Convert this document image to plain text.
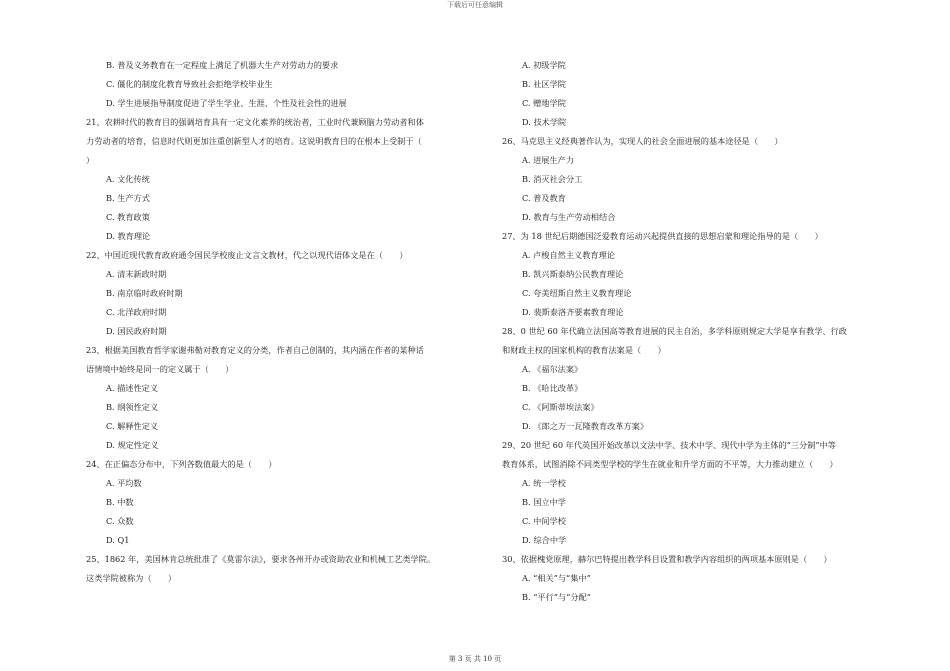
下载后可任意编辑
B. 普及义务教育在一定程度上满足了机器大生产对劳动力的要求
C. 僵化的制度化教育导致社会拒绝学校毕业生
D. 学生进展指导制度促进了学生学业、生涯、个性及社会性的进展
21、农耕时代的教育目的强调培育具有一定文化素养的统治者，工业时代兼顾脑力劳动者和体
力劳动者的培育，信息时代则更加注重创新型人才的培育。这说明教育目的在根本上受制于（
）
A. 文化传统
B. 生产方式
C. 教育政策
D. 教育理论
22、中国近现代教育政府通令国民学校废止文言文教材，代之以现代语体文是在（　　）
A. 清末新政时期
B. 南京临时政府时期
C. 北洋政府时期
D. 国民政府时期
23、根据美国教育哲学家谢弗勒对教育定义的分类，作者自己创制的，其内涵在作者的某种话
语情境中始终是同一的定义属于（　　）
A. 描述性定义
B. 纲领性定义
C. 解释性定义
D. 规定性定义
24、在正偏态分布中，下列各数值最大的是（　　）
A. 平均数
B. 中数
C. 众数
D. Q1
25、1862 年，美国林肯总统批准了《莫雷尔法》，要求各州开办或资助农业和机械工艺类学院。
这类学院被称为（　　）
A. 初级学院
B. 社区学院
C. 赠地学院
D. 技术学院
26、马克思主义经典著作认为，实现人的社会全面进展的基本途径是（　　）
A. 进展生产力
B. 消灭社会分工
C. 普及教育
D. 教育与生产劳动相结合
27、为 18 世纪后期德国泛爱教育运动兴起提供直接的思想启蒙和理论指导的是（　　）
A. 卢梭自然主义教育理论
B. 凯兴斯泰纳公民教育理论
C. 夸美纽斯自然主义教育理论
D. 裴斯泰洛齐要素教育理论
28、0 世纪 60 年代确立法国高等教育进展的民主自治，多学科原则规定大学是享有教学、行政
和财政主权的国家机构的教育法案是（　　）
A. 《福尔法案》
B. 《哈比改革》
C. 《阿斯蒂埃法案》
D. 《郎之万一瓦隆教育改革方案》
29、20 世纪 60 年代英国开始改革以文法中学、技术中学、现代中学为主体的“三分制”中等
教育体系，试图消除不同类型学校的学生在就业和升学方面的不平等，大力推动建立（　　）
A. 统一学校
B. 国立中学
C. 中间学校
D. 综合中学
30、依据槐党原理，赫尔巴特提出教学科目设置和教学内容组织的两项基本原则是（　　）
A. “相关”与“集中”
B. “平行”与“分配”
第 3 页 共 10 页
